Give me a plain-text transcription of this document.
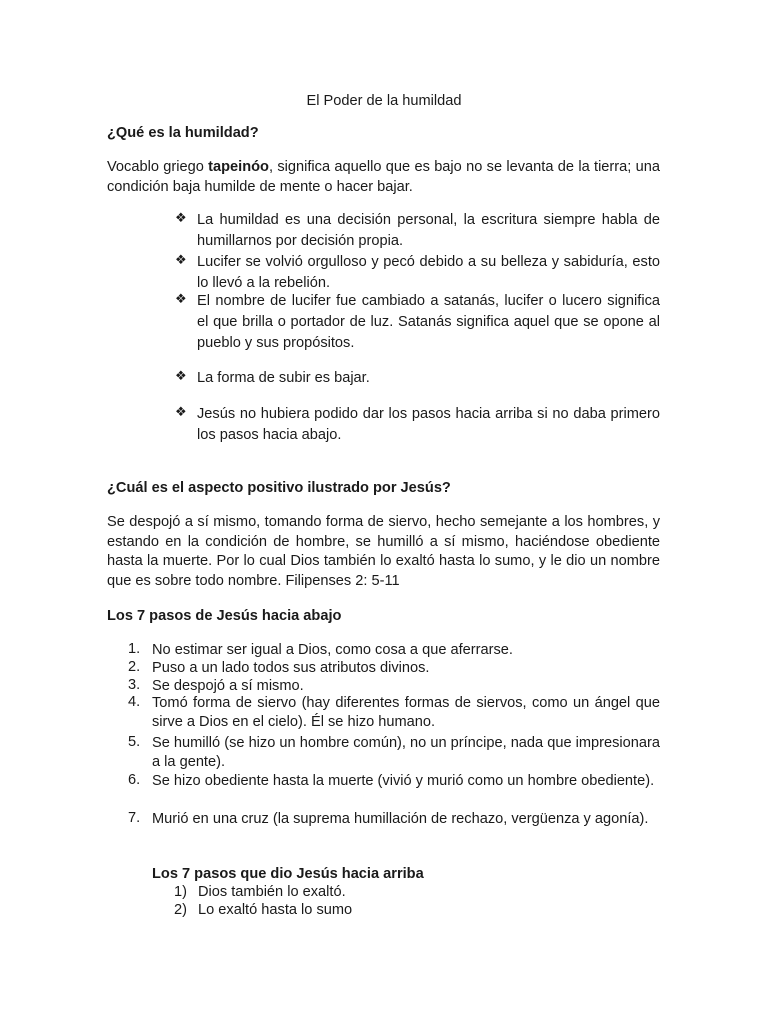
El Poder de la humildad
¿Qué es la humildad?
Vocablo griego tapeinóo, significa aquello que es bajo no se levanta de la tierra; una condición baja humilde de mente o hacer bajar.
❖ La humildad es una decisión personal, la escritura siempre habla de humillarnos por decisión propia.
❖ Lucifer se volvió orgulloso y pecó debido a su belleza y sabiduría, esto lo llevó a la rebelión.
❖ El nombre de lucifer fue cambiado a satanás, lucifer o lucero significa el que brilla o portador de luz. Satanás significa aquel que se opone al pueblo y sus propósitos.
❖ La forma de subir es bajar.
❖ Jesús no hubiera podido dar los pasos hacia arriba si no daba primero los pasos hacia abajo.
¿Cuál es el aspecto positivo ilustrado por Jesús?
Se despojó a sí mismo, tomando forma de siervo, hecho semejante a los hombres, y estando en la condición de hombre, se humilló a sí mismo, haciéndose obediente hasta la muerte. Por lo cual Dios también lo exaltó hasta lo sumo, y le dio un nombre que es sobre todo nombre. Filipenses 2: 5-11
Los 7 pasos de Jesús hacia abajo
1. No estimar ser igual a Dios, como cosa a que aferrarse.
2. Puso a un lado todos sus atributos divinos.
3. Se despojó a sí mismo.
4. Tomó forma de siervo (hay diferentes formas de siervos, como un ángel que sirve a Dios en el cielo). Él se hizo humano.
5. Se humilló (se hizo un hombre común), no un príncipe, nada que impresionara a la gente).
6. Se hizo obediente hasta la muerte (vivió y murió como un hombre obediente).
7. Murió en una cruz (la suprema humillación de rechazo, vergüenza y agonía).
Los 7 pasos que dio Jesús hacia arriba
1) Dios también lo exaltó.
2) Lo exaltó hasta lo sumo
